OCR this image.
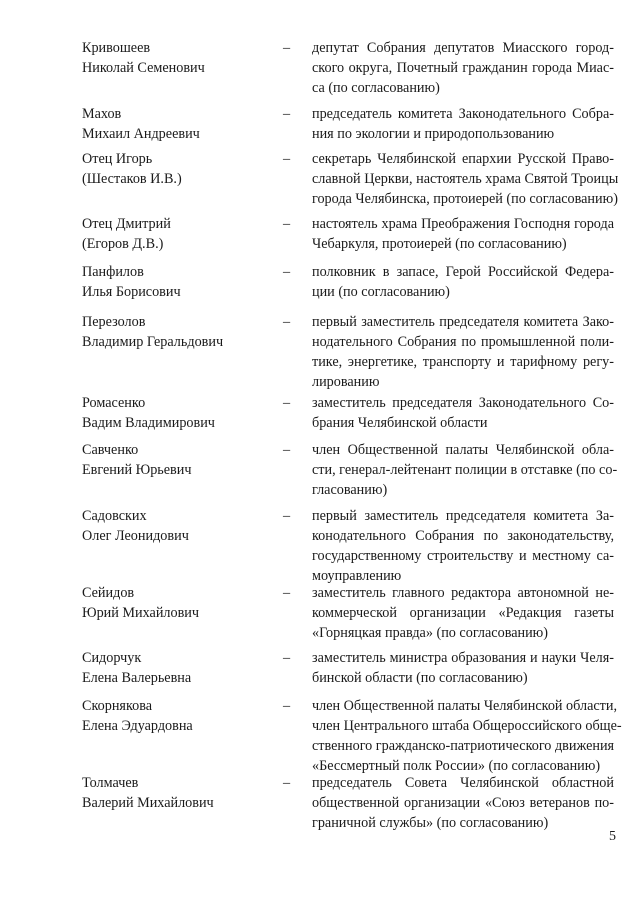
Кривошеев
Николай Семенович

– депутат Собрания депутатов Миасского город-
ского округа, Почетный гражданин города Миас-
са (по согласованию)

Махов
Михаил Андреевич

– председатель комитета Законодательного Собра-
ния по экологии и природопользованию

Отец Игорь
(Шестаков И.В.)

– секретарь Челябинской епархии Русской Право-
славной Церкви, настоятель храма Святой Троицы
города Челябинска, протоиерей (по согласованию)

Отец Дмитрий
(Егоров Д.В.)

– настоятель храма Преображения Господня города
Чебаркуля, протоиерей (по согласованию)

Панфилов
Илья Борисович

– полковник в запасе, Герой Российской Федера-
ции (по согласованию)

Перезолов
Владимир Геральдович

– первый заместитель председателя комитета Зако-
нодательного Собрания по промышленной поли-
тике, энергетике, транспорту и тарифному регу-
лированию

Ромасенко
Вадим Владимирович

– заместитель председателя Законодательного Со-
брания Челябинской области

Савченко
Евгений Юрьевич

– член Общественной палаты Челябинской обла-
сти, генерал-лейтенант полиции в отставке (по со-
гласованию)

Садовских
Олег Леонидович

– первый заместитель председателя комитета За-
конодательного Собрания по законодательству,
государственному строительству и местному са-
моуправлению

Сейидов
Юрий Михайлович

– заместитель главного редактора автономной не-
коммерческой организации «Редакция газеты
«Горняцкая правда» (по согласованию)

Сидорчук
Елена Валерьевна

– заместитель министра образования и науки Челя-
бинской области (по согласованию)

Скорнякова
Елена Эдуардовна

– член Общественной палаты Челябинской области,
член Центрального штаба Общероссийского обще-
ственного гражданско-патриотического движения
«Бессмертный полк России» (по согласованию)

Толмачев
Валерий Михайлович

– председатель Совета Челябинской областной
общественной организации «Союз ветеранов по-
граничной службы» (по согласованию)

5
